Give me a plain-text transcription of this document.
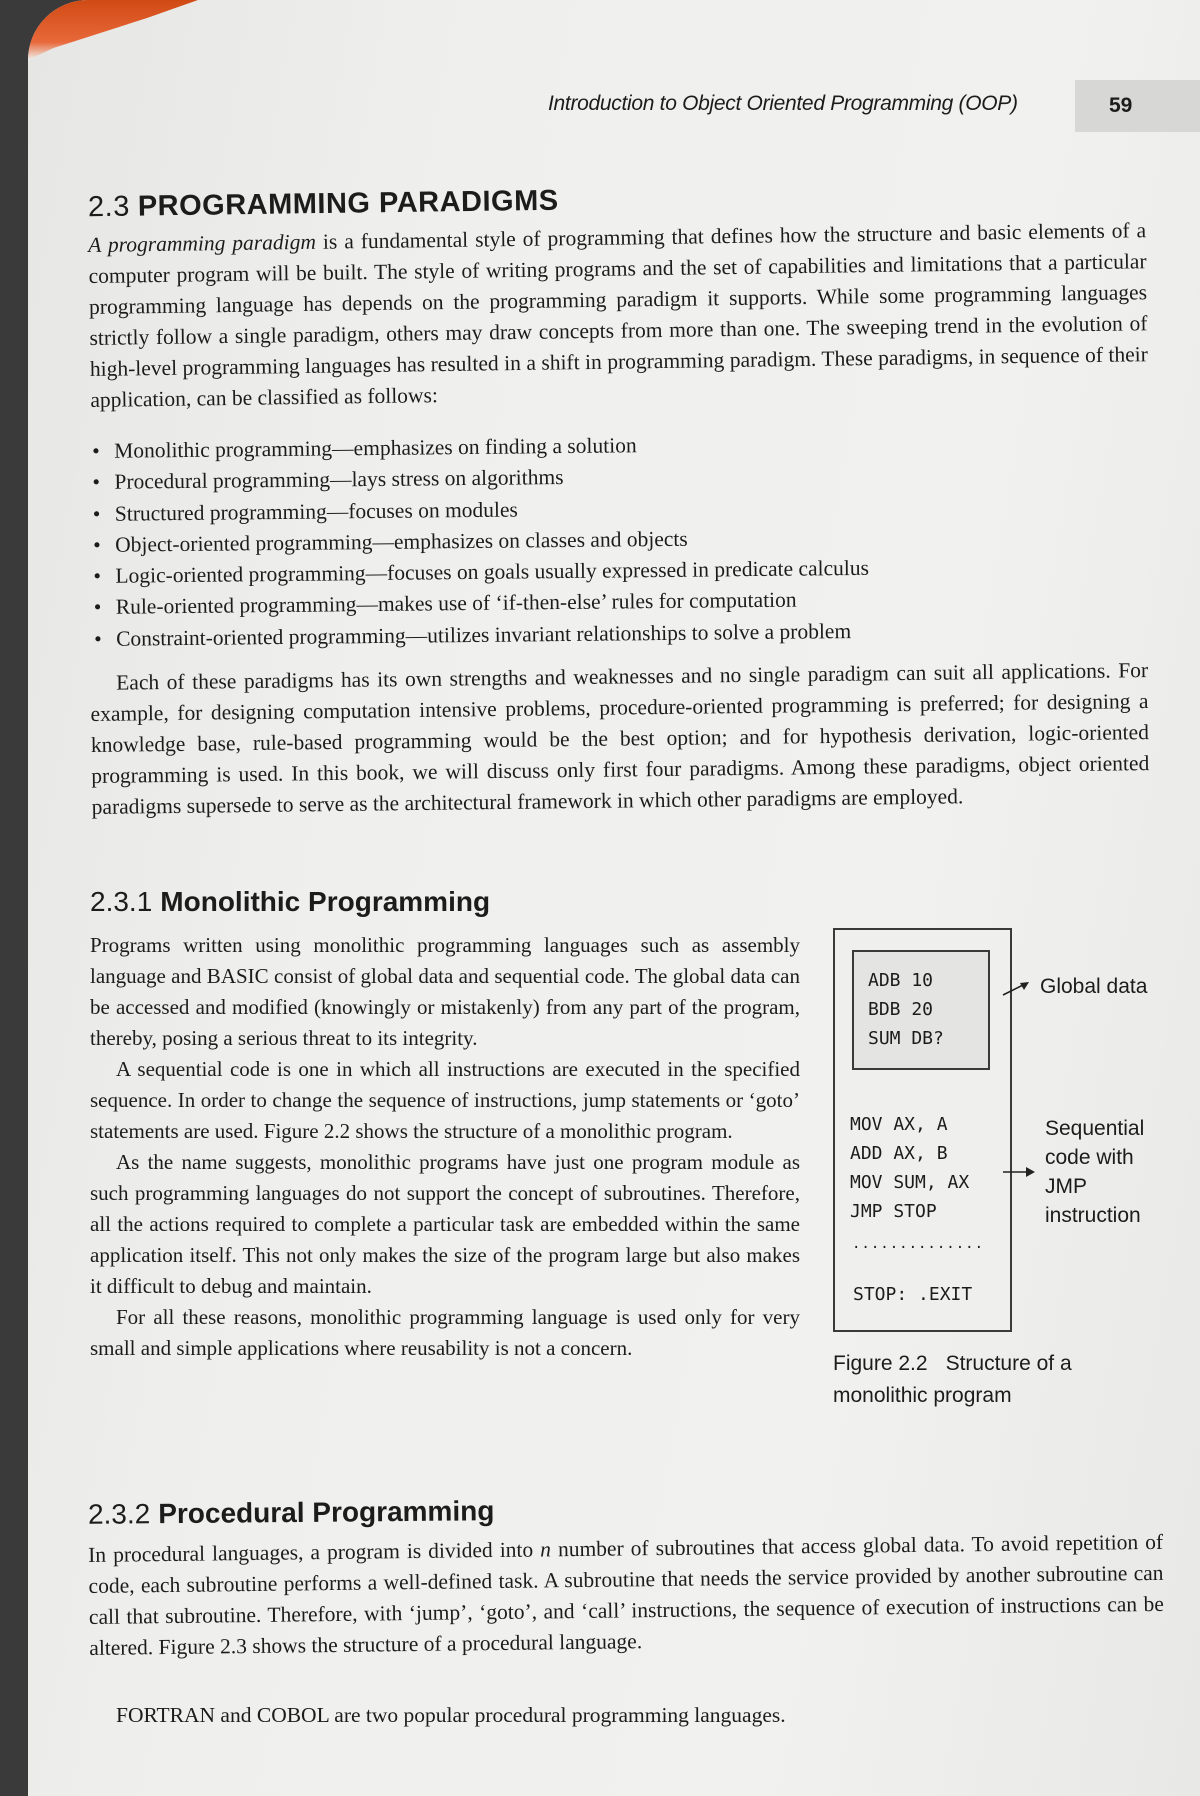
Introduction to Object Oriented Programming (OOP)	59
2.3 PROGRAMMING PARADIGMS
A programming paradigm is a fundamental style of programming that defines how the structure and basic elements of a computer program will be built. The style of writing programs and the set of capabilities and limitations that a particular programming language has depends on the programming paradigm it supports. While some programming languages strictly follow a single paradigm, others may draw concepts from more than one. The sweeping trend in the evolution of high-level programming languages has resulted in a shift in programming paradigm. These paradigms, in sequence of their application, can be classified as follows:
• Monolithic programming—emphasizes on finding a solution
• Procedural programming—lays stress on algorithms
• Structured programming—focuses on modules
• Object-oriented programming—emphasizes on classes and objects
• Logic-oriented programming—focuses on goals usually expressed in predicate calculus
• Rule-oriented programming—makes use of ‘if-then-else’ rules for computation
• Constraint-oriented programming—utilizes invariant relationships to solve a problem
Each of these paradigms has its own strengths and weaknesses and no single paradigm can suit all applications. For example, for designing computation intensive problems, procedure-oriented programming is preferred; for designing a knowledge base, rule-based programming would be the best option; and for hypothesis derivation, logic-oriented programming is used. In this book, we will discuss only first four paradigms. Among these paradigms, object oriented paradigms supersede to serve as the architectural framework in which other paradigms are employed.
2.3.1 Monolithic Programming

Programs written using monolithic programming languages such as assembly language and BASIC consist of global data and sequential code. The global data can be accessed and modified (knowingly or mistakenly) from any part of the program, thereby, posing a serious threat to its integrity.

A sequential code is one in which all instructions are executed in the specified sequence. In order to change the sequence of instructions, jump statements or ‘goto’ statements are used. Figure 2.2 shows the structure of a monolithic program.

As the name suggests, monolithic programs have just one program module as such programming languages do not support the concept of subroutines. Therefore, all the actions required to complete a particular task are embedded within the same application itself. This not only makes the size of the program large but also makes it difficult to debug and maintain.

For all these reasons, monolithic programming language is used only for very small and simple applications where reusability is not a concern.

ADB 10
BDB 20
SUM DB?
MOV AX, A
ADD AX, B
MOV SUM, AX
JMP STOP
..............
STOP: .EXIT
Global data
Sequential
code with
JMP
instruction
Figure 2.2 Structure of a monolithic program
2.3.2 Procedural Programming
In procedural languages, a program is divided into n number of subroutines that access global data. To avoid repetition of code, each subroutine performs a well-defined task. A subroutine that needs the service provided by another subroutine can call that subroutine. Therefore, with ‘jump’, ‘goto’, and ‘call’ instructions, the sequence of execution of instructions can be altered. Figure 2.3 shows the structure of a procedural language.
FORTRAN and COBOL are two popular procedural programming languages.
